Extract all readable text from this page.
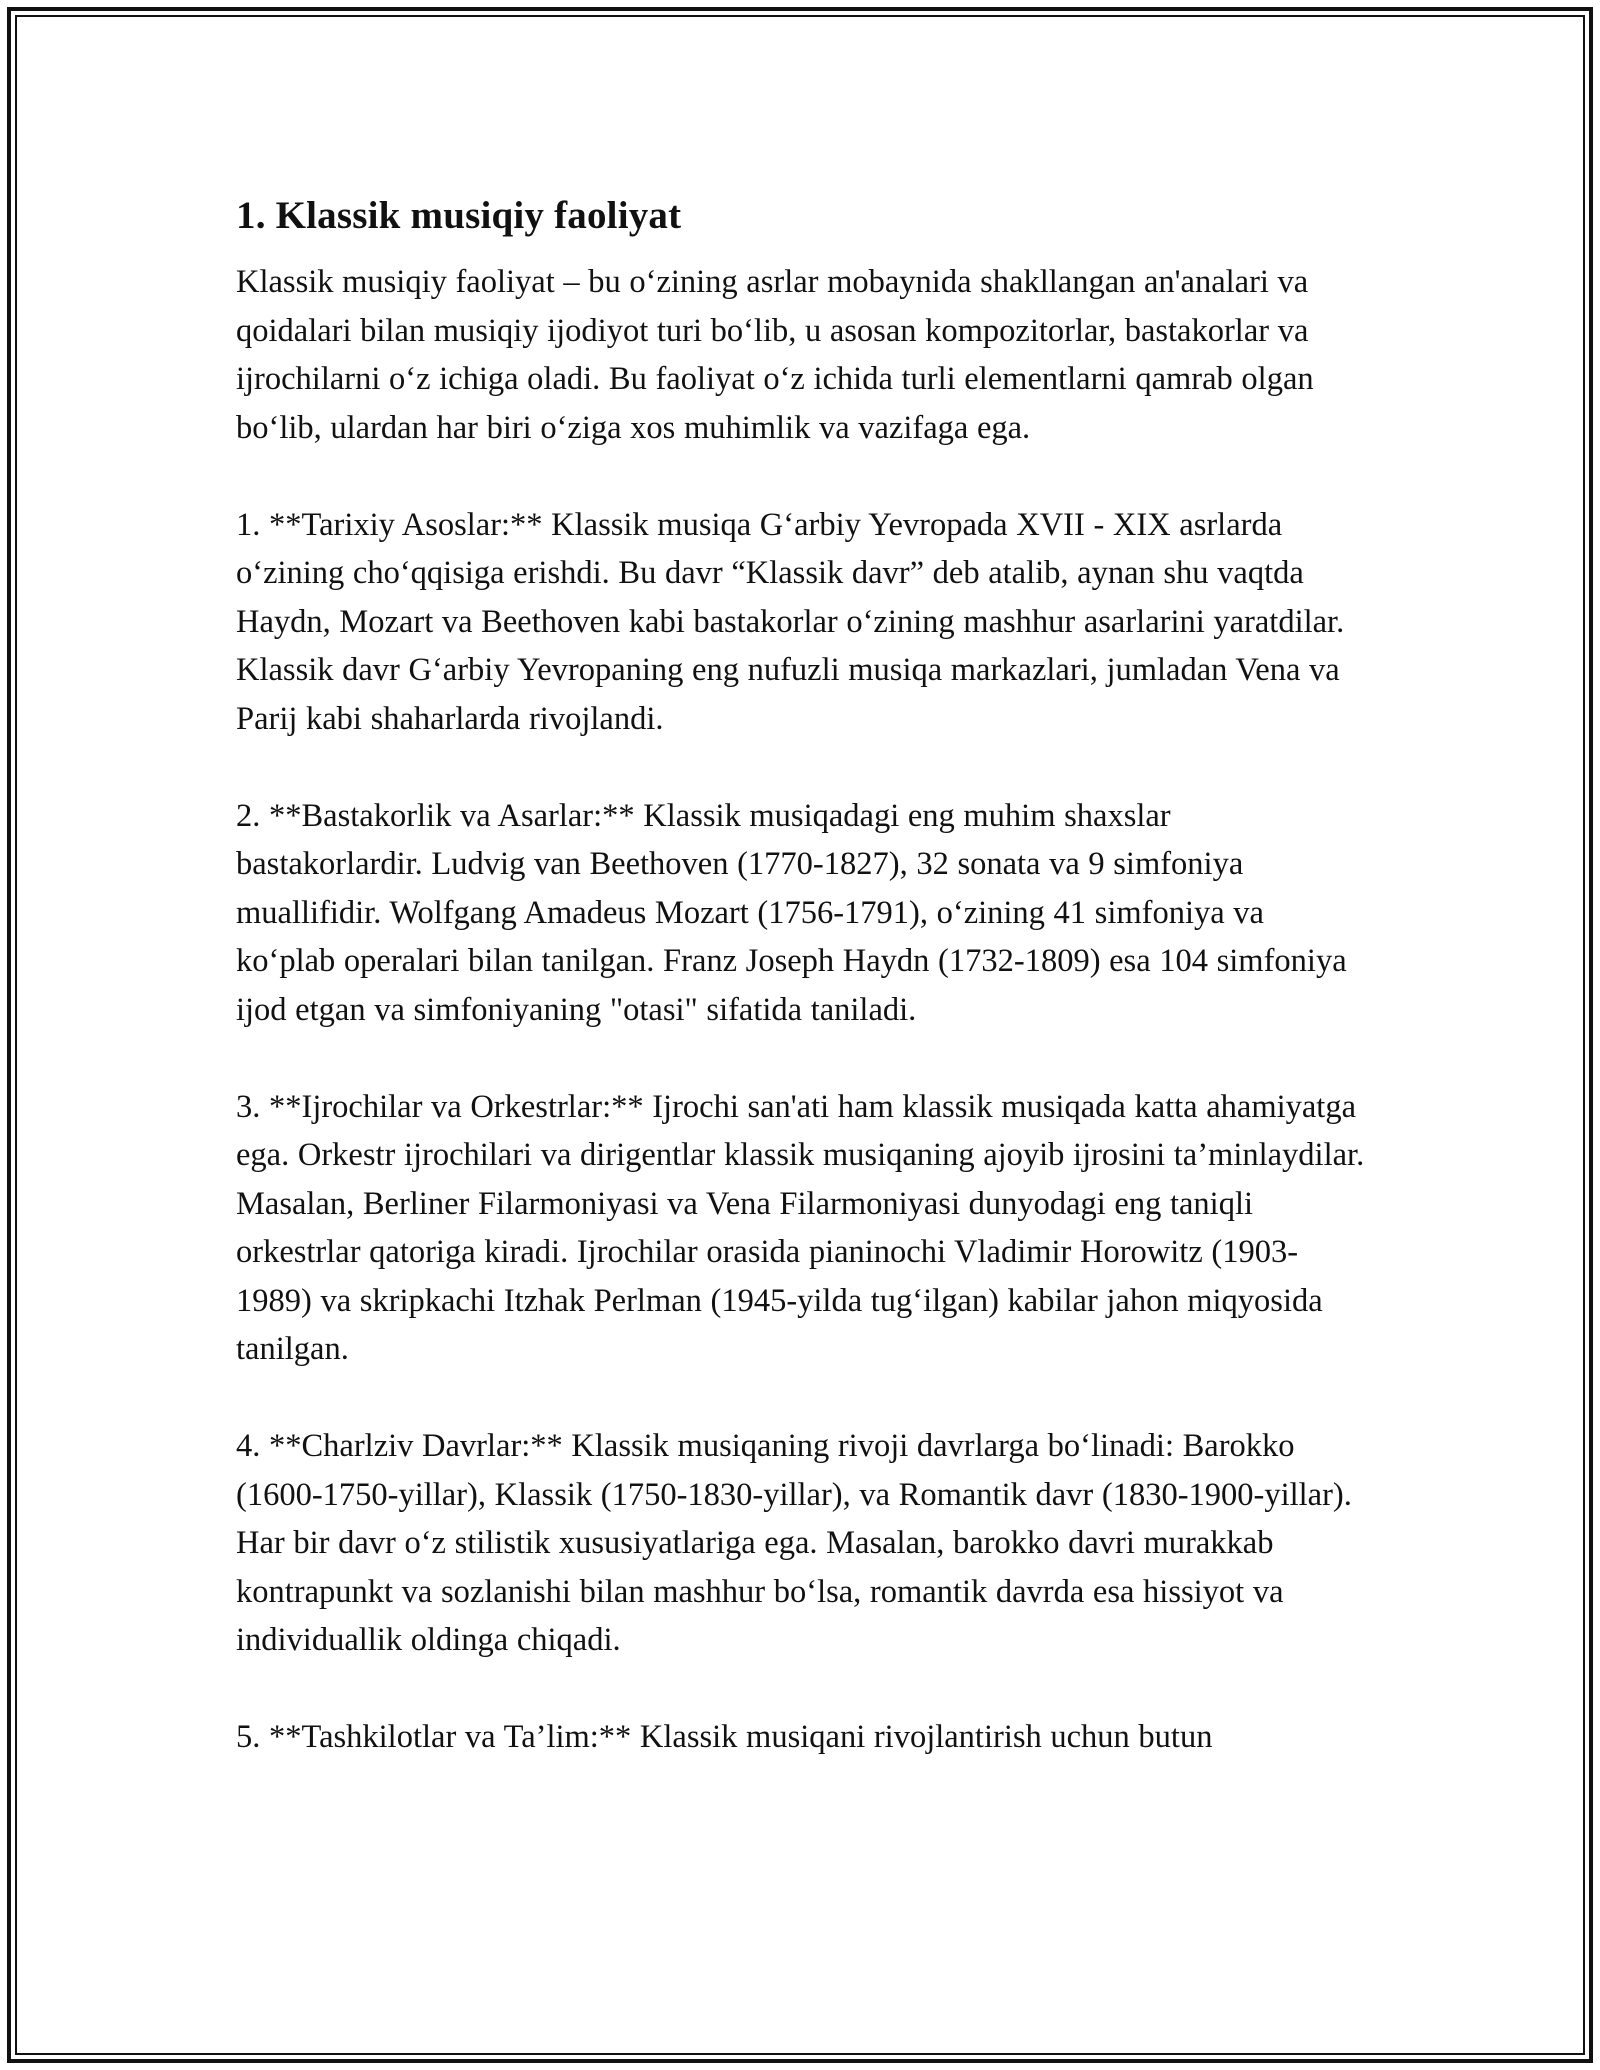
1. Klassik musiqiy faoliyat

Klassik musiqiy faoliyat – bu o‘zining asrlar mobaynida shakllangan an'analari va qoidalari bilan musiqiy ijodiyot turi bo‘lib, u asosan kompozitorlar, bastakorlar va ijrochilarni o‘z ichiga oladi. Bu faoliyat o‘z ichida turli elementlarni qamrab olgan bo‘lib, ulardan har biri o‘ziga xos muhimlik va vazifaga ega.

1. **Tarixiy Asoslar:** Klassik musiqa G‘arbiy Yevropada XVII - XIX asrlarda o‘zining cho‘qqisiga erishdi. Bu davr “Klassik davr” deb atalib, aynan shu vaqtda Haydn, Mozart va Beethoven kabi bastakorlar o‘zining mashhur asarlarini yaratdilar. Klassik davr G‘arbiy Yevropaning eng nufuzli musiqa markazlari, jumladan Vena va Parij kabi shaharlarda rivojlandi.

2. **Bastakorlik va Asarlar:** Klassik musiqadagi eng muhim shaxslar bastakorlardir. Ludvig van Beethoven (1770-1827), 32 sonata va 9 simfoniya muallifidir. Wolfgang Amadeus Mozart (1756-1791), o‘zining 41 simfoniya va ko‘plab operalari bilan tanilgan. Franz Joseph Haydn (1732-1809) esa 104 simfoniya ijod etgan va simfoniyaning "otasi" sifatida taniladi.

3. **Ijrochilar va Orkestrlar:** Ijrochi san'ati ham klassik musiqada katta ahamiyatga ega. Orkestr ijrochilari va dirigentlar klassik musiqaning ajoyib ijrosini ta’minlaydilar. Masalan, Berliner Filarmoniyasi va Vena Filarmoniyasi dunyodagi eng taniqli orkestrlar qatoriga kiradi. Ijrochilar orasida pianinochi Vladimir Horowitz (1903-1989) va skripkachi Itzhak Perlman (1945-yilda tug‘ilgan) kabilar jahon miqyosida tanilgan.

4. **Charlziv Davrlar:** Klassik musiqaning rivoji davrlarga bo‘linadi: Barokko (1600-1750-yillar), Klassik (1750-1830-yillar), va Romantik davr (1830-1900-yillar). Har bir davr o‘z stilistik xususiyatlariga ega. Masalan, barokko davri murakkab kontrapunkt va sozlanishi bilan mashhur bo‘lsa, romantik davrda esa hissiyot va individuallik oldinga chiqadi.

5. **Tashkilotlar va Ta’lim:** Klassik musiqani rivojlantirish uchun butun
